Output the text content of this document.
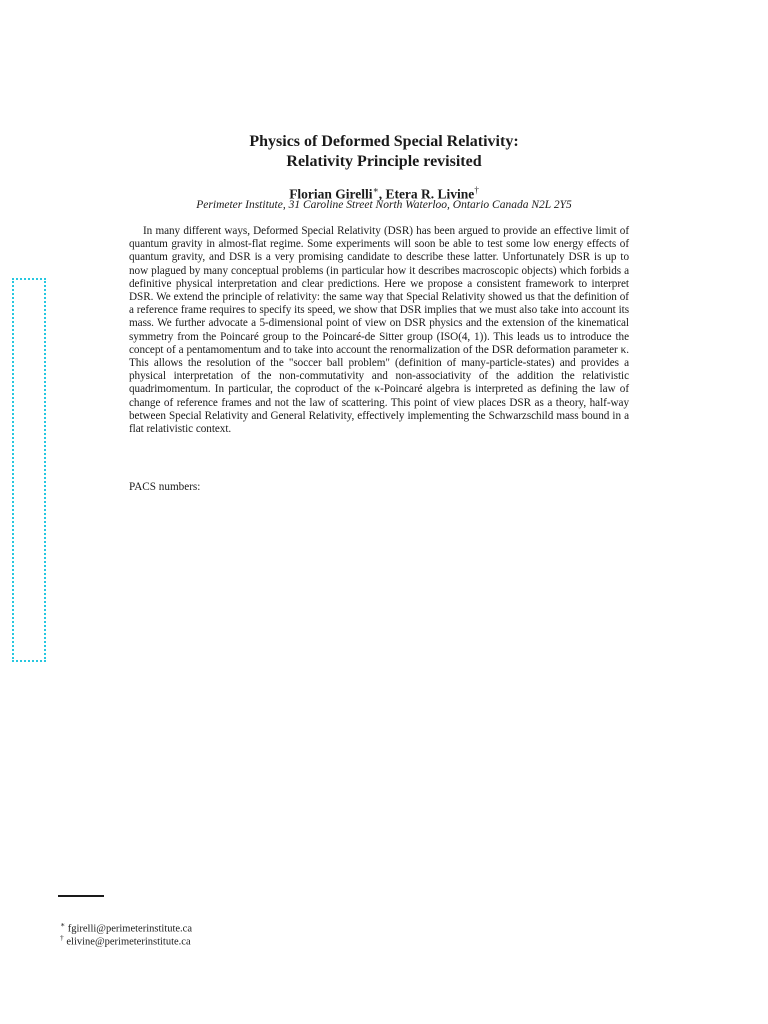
Physics of Deformed Special Relativity:
Relativity Principle revisited
Florian Girelli∗, Etera R. Livine†
Perimeter Institute, 31 Caroline Street North Waterloo, Ontario Canada N2L 2Y5

In many different ways, Deformed Special Relativity (DSR) has been argued to provide an effective limit of quantum gravity in almost-flat regime. Some experiments will soon be able to test some low energy effects of quantum gravity, and DSR is a very promising candidate to describe these latter. Unfortunately DSR is up to now plagued by many conceptual problems (in particular how it describes macroscopic objects) which forbids a definitive physical interpretation and clear predictions. Here we propose a consistent framework to interpret DSR. We extend the principle of relativity: the same way that Special Relativity showed us that the definition of a reference frame requires to specify its speed, we show that DSR implies that we must also take into account its mass. We further advocate a 5-dimensional point of view on DSR physics and the extension of the kinematical symmetry from the Poincaré group to the Poincaré-de Sitter group (ISO(4, 1)). This leads us to introduce the concept of a pentamomentum and to take into account the renormalization of the DSR deformation parameter κ. This allows the resolution of the "soccer ball problem" (definition of many-particle-states) and provides a physical interpretation of the non-commutativity and non-associativity of the addition the relativistic quadrimomentum. In particular, the coproduct of the κ-Poincaré algebra is interpreted as defining the law of change of reference frames and not the law of scattering. This point of view places DSR as a theory, half-way between Special Relativity and General Relativity, effectively implementing the Schwarzschild mass bound in a flat relativistic context.

PACS numbers:
∗ fgirelli@perimeterinstitute.ca
† elivine@perimeterinstitute.ca
